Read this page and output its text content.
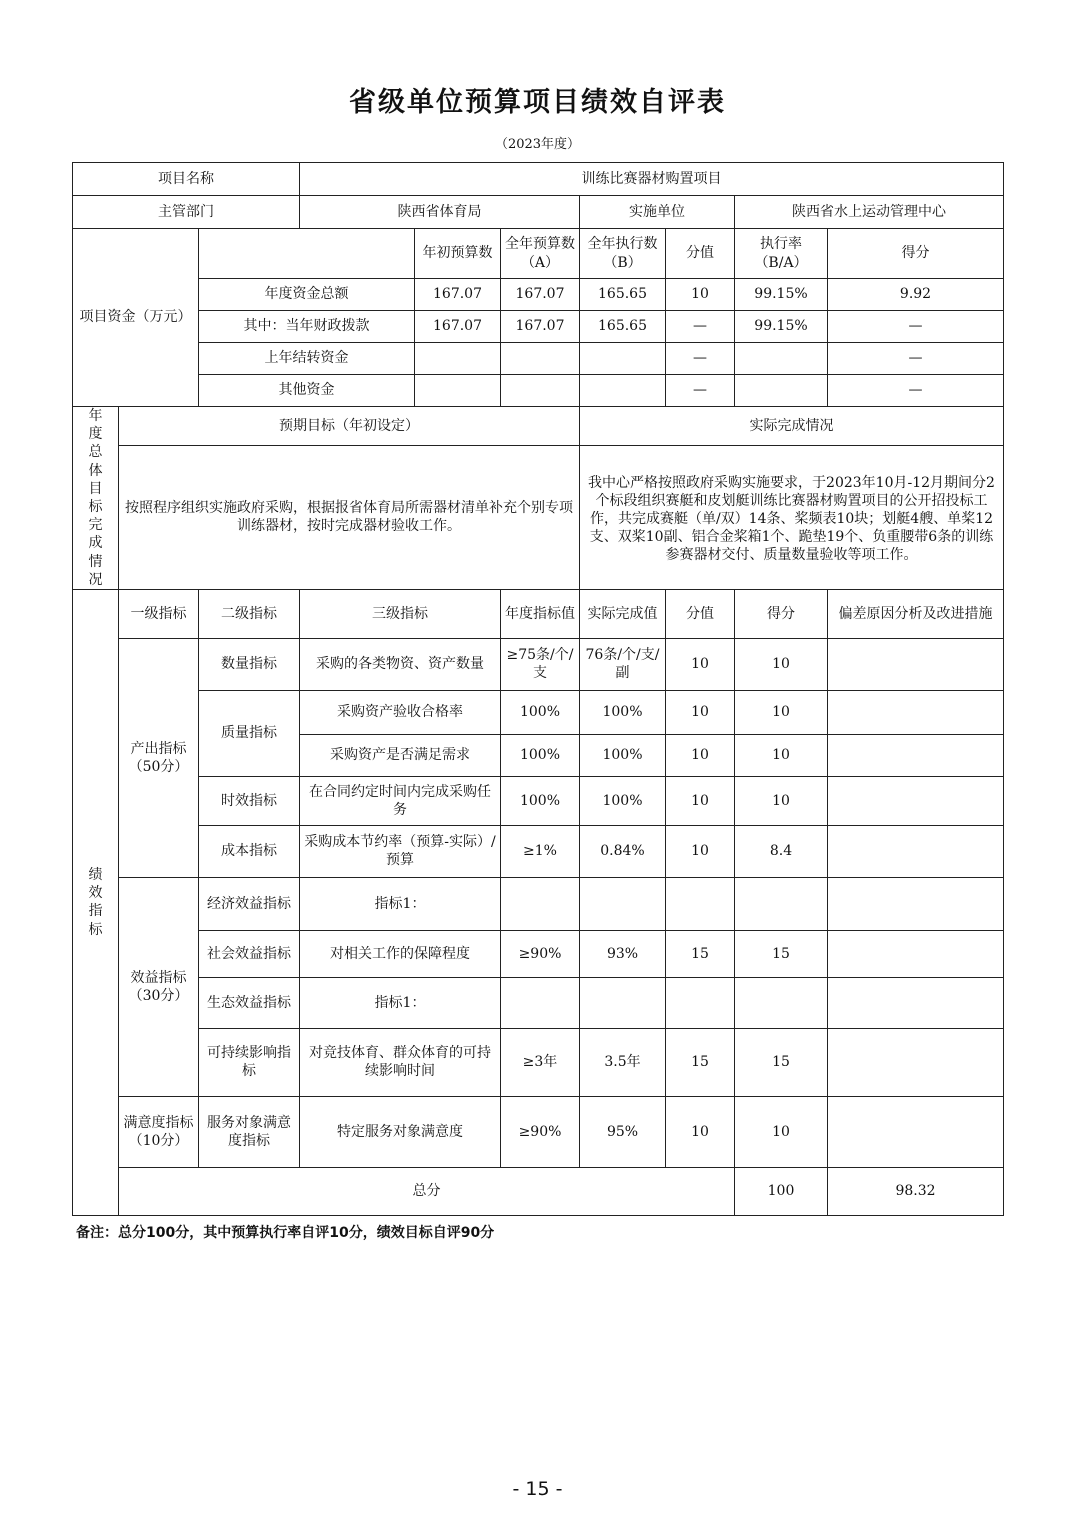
省级单位预算项目绩效自评表
（2023年度）
项目名称			训练比赛器材购置项目							
主管部门			陕西省体育局			实施单位		陕西省水上运动管理中心		
项目资金（万元）				年初预算数	全年预算数（A）	全年执行数（B）	分值	执行率（B/A）	得分	
		年度资金总额		167.07	167.07	165.65	10	99.15%	9.92	
		其中：当年财政拨款		167.07	167.07	165.65	—	99.15%	—	
		上年结转资金					—		—	
		其他资金					—		—	
年度总体目标完成情况	预期目标（年初设定）					实际完成情况				
	按照程序组织实施政府采购，根据报省体育局所需器材清单补充个别专项训练器材，按时完成器材验收工作。					我中心严格按照政府采购实施要求，于2023年10月-12月期间分2个标段组织赛艇和皮划艇训练比赛器材购置项目的公开招投标工作，共完成赛艇（单/双）14条、桨频表10块；划艇4艘、单桨12支、双桨10副、铝合金桨箱1个、跪垫19个、负重腰带6条的训练参赛器材交付、质量数量验收等项工作。				
绩效指标	一级指标	二级指标	三级指标		年度指标值	实际完成值	分值	得分	偏差原因分析及改进措施	
	产出指标（50分）	数量指标	采购的各类物资、资产数量		≥75条/个/支	76条/个/支/副	10	10		
		质量指标	采购资产验收合格率		100%	100%	10	10		
			采购资产是否满足需求		100%	100%	10	10		
		时效指标	在合同约定时间内完成采购任务		100%	100%	10	10		
		成本指标	采购成本节约率（预算-实际）/预算		≥1%	0.84%	10	8.4		
	效益指标（30分）	经济效益指标	指标1：							
		社会效益指标	对相关工作的保障程度		≥90%	93%	15	15		
		生态效益指标	指标1：							
		可持续影响指标	对竞技体育、群众体育的可持续影响时间		≥3年	3.5年	15	15		
	满意度指标（10分）	服务对象满意度指标	特定服务对象满意度		≥90%	95%	10	10		
	总分							100	98.32	
备注：总分100分，其中预算执行率自评10分，绩效目标自评90分
- 15 -
